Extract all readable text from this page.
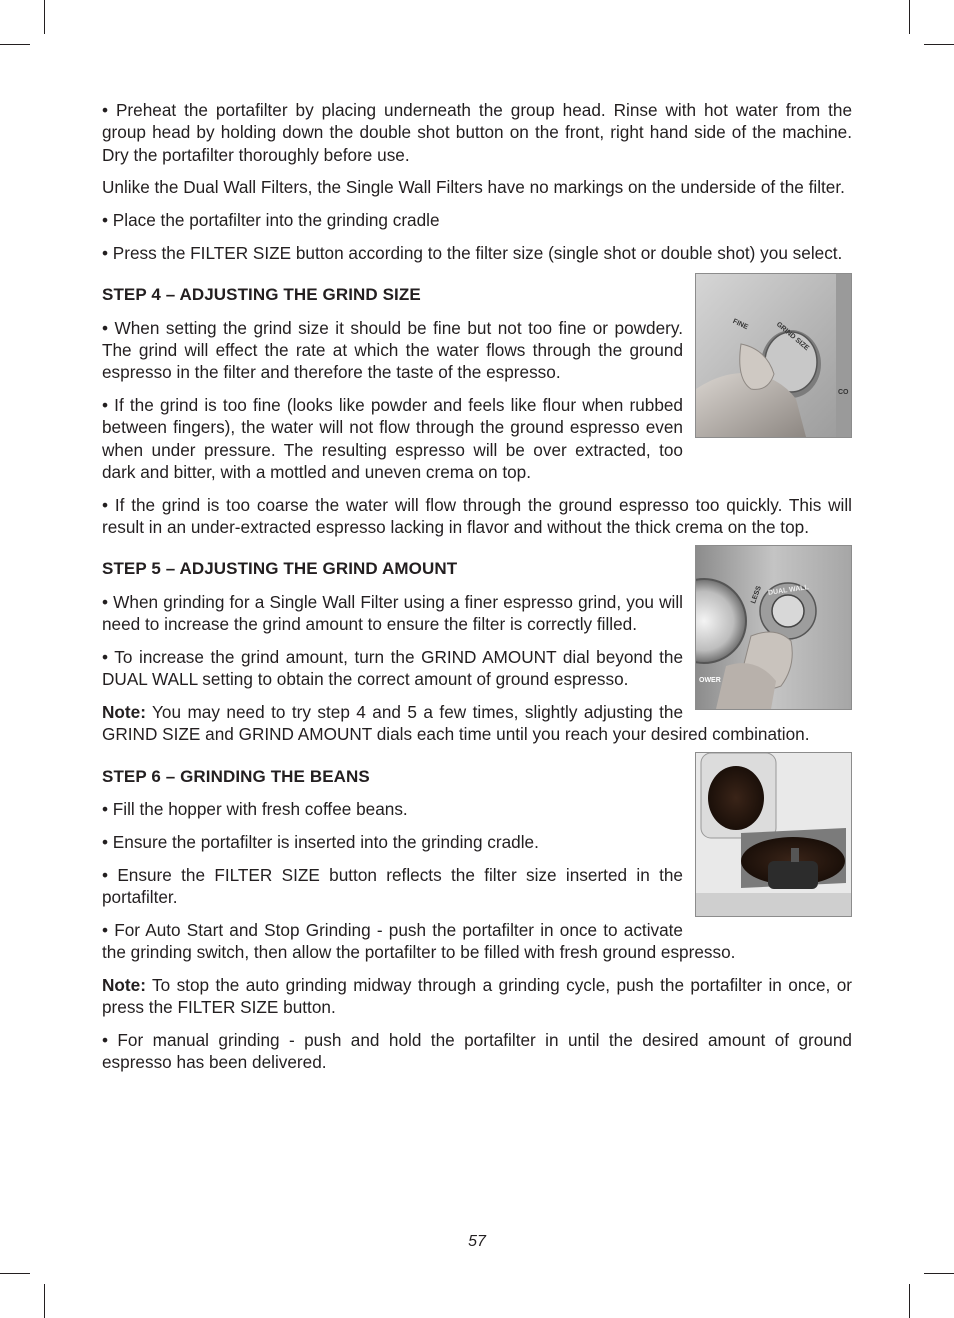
• Preheat the portafilter by placing underneath the group head. Rinse with hot water from the group head by holding down the double shot button on the front, right hand side of the machine. Dry the portafilter thoroughly before use.

Unlike the Dual Wall Filters, the Single Wall Filters have no markings on the underside of the filter.

• Place the portafilter into the grinding cradle

• Press the FILTER SIZE button according to the filter size (single shot or double shot) you select.

FINE	GRIND SIZE
CO
STEP 4 – ADJUSTING THE GRIND SIZE

• When setting the grind size it should be fine but not too fine or powdery. The grind will effect the rate at which the water flows through the ground espresso in the filter and therefore the taste of the espresso.

• If the grind is too fine (looks like powder and feels like flour when rubbed between fingers), the water will not flow through the ground espresso even when under pressure. The resulting espresso will be over extracted, too dark and bitter, with a mottled and uneven crema on top.

• If the grind is too coarse the water will flow through the ground espresso too quickly. This will result in an under-extracted espresso lacking in flavor and without the thick crema on the top.

LESS DUAL WALL
OWER
STEP 5 – ADJUSTING THE GRIND AMOUNT

• When grinding for a Single Wall Filter using a finer espresso grind, you will need to increase the grind amount to ensure the filter is correctly filled.

• To increase the grind amount, turn the GRIND AMOUNT dial beyond the DUAL WALL setting to obtain the correct amount of ground espresso.

Note: You may need to try step 4 and 5 a few times, slightly adjusting the GRIND SIZE and GRIND AMOUNT dials each time until you reach your desired combination.

STEP 6 – GRINDING THE BEANS

• Fill the hopper with fresh coffee beans.

• Ensure the portafilter is inserted into the grinding cradle.

• Ensure the FILTER SIZE button reflects the filter size inserted in the portafilter.

• For Auto Start and Stop Grinding - push the portafilter in once to activate the grinding switch, then allow the portafilter to be filled with fresh ground espresso.

Note: To stop the auto grinding midway through a grinding cycle, push the portafilter in once, or press the FILTER SIZE button.

• For manual grinding - push and hold the portafilter in until the desired amount of ground espresso has been delivered.

57
